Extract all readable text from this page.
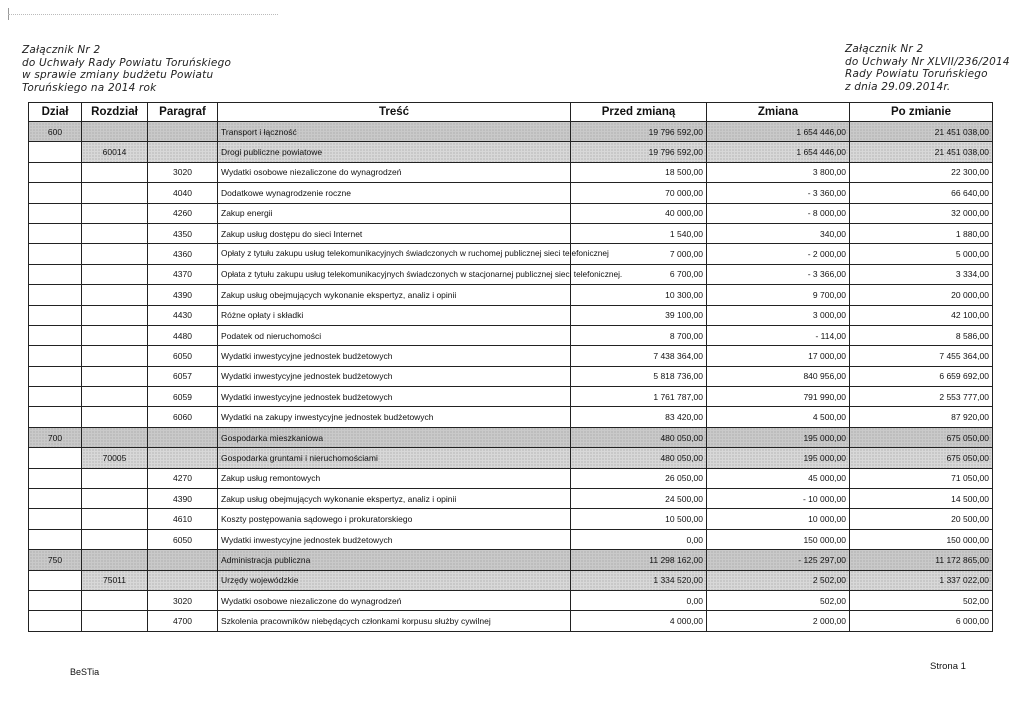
Załącznik Nr 2
do Uchwały Rady Powiatu Toruńskiego
w sprawie zmiany budżetu Powiatu
Toruńskiego na 2014 rok
Załącznik Nr 2
do Uchwały Nr XLVII/236/2014
Rady Powiatu Toruńskiego
z dnia 29.09.2014r.
Dział	Rozdział	Paragraf	Treść	Przed zmianą	Zmiana	Po zmianie
600			Transport i łączność	19 796 592,00	1 654 446,00	21 451 038,00
	60014		Drogi publiczne powiatowe	19 796 592,00	1 654 446,00	21 451 038,00
		3020	Wydatki osobowe niezaliczone do wynagrodzeń	18 500,00	3 800,00	22 300,00
		4040	Dodatkowe wynagrodzenie roczne	70 000,00	- 3 360,00	66 640,00
		4260	Zakup energii	40 000,00	- 8 000,00	32 000,00
		4350	Zakup usług dostępu do sieci Internet	1 540,00	340,00	1 880,00
		4360	Opłaty z tytułu zakupu usług telekomunikacyjnych świadczonych w ruchomej publicznej sieci telefonicznej	7 000,00	- 2 000,00	5 000,00
		4370	Opłata z tytułu zakupu usług telekomunikacyjnych świadczonych w stacjonarnej publicznej sieci telefonicznej.	6 700,00	- 3 366,00	3 334,00
		4390	Zakup usług obejmujących wykonanie ekspertyz, analiz i opinii	10 300,00	9 700,00	20 000,00
		4430	Różne opłaty i składki	39 100,00	3 000,00	42 100,00
		4480	Podatek od nieruchomości	8 700,00	- 114,00	8 586,00
		6050	Wydatki inwestycyjne jednostek budżetowych	7 438 364,00	17 000,00	7 455 364,00
		6057	Wydatki inwestycyjne jednostek budżetowych	5 818 736,00	840 956,00	6 659 692,00
		6059	Wydatki inwestycyjne jednostek budżetowych	1 761 787,00	791 990,00	2 553 777,00
		6060	Wydatki na zakupy inwestycyjne jednostek budżetowych	83 420,00	4 500,00	87 920,00
700			Gospodarka mieszkaniowa	480 050,00	195 000,00	675 050,00
	70005		Gospodarka gruntami i nieruchomościami	480 050,00	195 000,00	675 050,00
		4270	Zakup usług remontowych	26 050,00	45 000,00	71 050,00
		4390	Zakup usług obejmujących wykonanie ekspertyz, analiz i opinii	24 500,00	- 10 000,00	14 500,00
		4610	Koszty postępowania sądowego i prokuratorskiego	10 500,00	10 000,00	20 500,00
		6050	Wydatki inwestycyjne jednostek budżetowych	0,00	150 000,00	150 000,00
750			Administracja publiczna	11 298 162,00	- 125 297,00	11 172 865,00
	75011		Urzędy wojewódzkie	1 334 520,00	2 502,00	1 337 022,00
		3020	Wydatki osobowe niezaliczone do wynagrodzeń	0,00	502,00	502,00
		4700	Szkolenia pracowników niebędących członkami korpusu służby cywilnej	4 000,00	2 000,00	6 000,00
BeSTia	Strona 1
